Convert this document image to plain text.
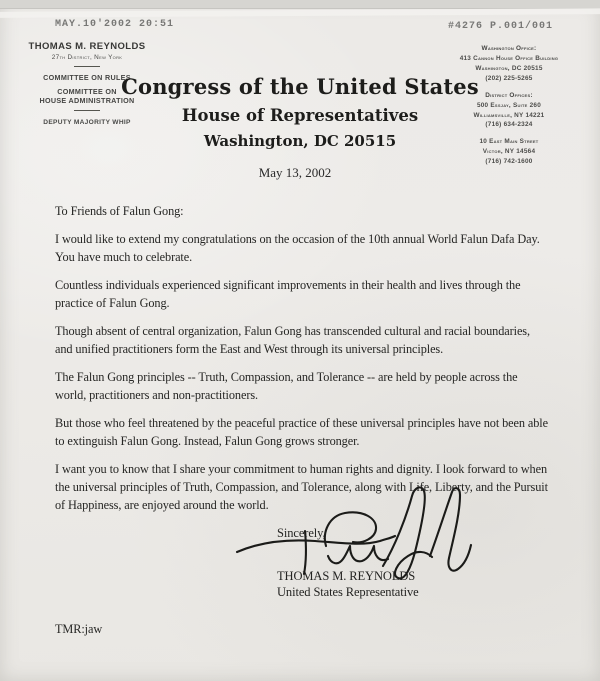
MAY.10'2002 20:51	#4276 P.001/001
THOMAS M. REYNOLDS
27th District, New York
COMMITTEE ON RULES
COMMITTEE ON
HOUSE ADMINISTRATION
DEPUTY MAJORITY WHIP
Congress of the United States
House of Representatives
Washington, DC 20515
Washington Office:
413 Cannon House Office Building
Washington, DC 20515
(202) 225-5265
District Offices:
500 Essjay, Suite 260
Williamsville, NY 14221
(716) 634-2324
10 East Main Street
Victor, NY 14564
(716) 742-1600
May 13, 2002

To Friends of Falun Gong:

I would like to extend my congratulations on the occasion of the 10th annual World Falun Dafa Day. You have much to celebrate.

Countless individuals experienced significant improvements in their health and lives through the practice of Falun Gong.

Though absent of central organization, Falun Gong has transcended cultural and racial boundaries, and unified practitioners form the East and West through its universal principles.

The Falun Gong principles -- Truth, Compassion, and Tolerance -- are held by people across the world, practitioners and non-practitioners.

But those who feel threatened by the peaceful practice of these universal principles have not been able to extinguish Falun Gong. Instead, Falun Gong grows stronger.

I want you to know that I share your commitment to human rights and dignity. I look forward to when the universal principles of Truth, Compassion, and Tolerance, along with Life, Liberty, and the Pursuit of Happiness, are enjoyed around the world.

Sincerely,
THOMAS M. REYNOLDS
United States Representative
TMR:jaw
